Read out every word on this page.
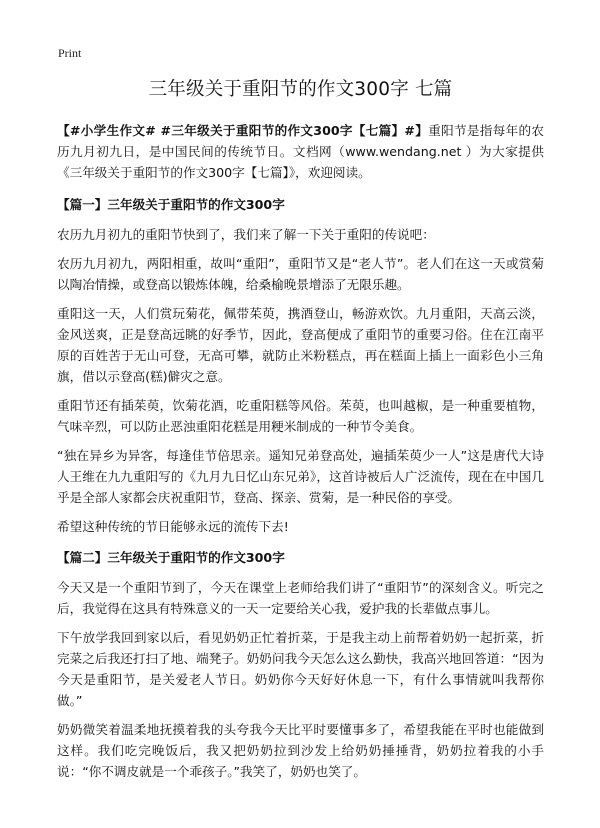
Print
三年级关于重阳节的作文300字 七篇
【#小学生作文# #三年级关于重阳节的作文300字【七篇】#】重阳节是指每年的农历九月初九日，是中国民间的传统节日。文档网（www.wendang.net ）为大家提供《三年级关于重阳节的作文300字【七篇】》，欢迎阅读。
【篇一】三年级关于重阳节的作文300字
农历九月初九的重阳节快到了，我们来了解一下关于重阳的传说吧：
农历九月初九，两阳相重，故叫“重阳”，重阳节又是“老人节”。老人们在这一天或赏菊以陶冶情操，或登高以锻炼体魄，给桑榆晚景增添了无限乐趣。
重阳这一天，人们赏玩菊花，佩带茱萸，携酒登山，畅游欢饮。九月重阳，天高云淡，金风送爽，正是登高远眺的好季节，因此，登高便成了重阳节的重要习俗。住在江南平原的百姓苦于无山可登，无高可攀，就防止米粉糕点，再在糕面上插上一面彩色小三角旗，借以示登高(糕)僻灾之意。
重阳节还有插茱萸，饮菊花酒，吃重阳糕等风俗。茱萸，也叫越椒，是一种重要植物，气味辛烈，可以防止恶浊重阳花糕是用粳米制成的一种节令美食。
“独在异乡为异客，每逢佳节倍思亲。遥知兄弟登高处，遍插茱萸少一人”这是唐代大诗人王维在九九重阳写的《九月九日忆山东兄弟》，这首诗被后人广泛流传，现在在中国几乎是全部人家都会庆祝重阳节，登高、探亲、赏菊，是一种民俗的享受。
希望这种传统的节日能够永远的流传下去!
【篇二】三年级关于重阳节的作文300字
今天又是一个重阳节到了，今天在课堂上老师给我们讲了“重阳节”的深刻含义。听完之后，我觉得在这具有特殊意义的一天一定要给关心我，爱护我的长辈做点事儿。
下午放学我回到家以后，看见奶奶正忙着折菜，于是我主动上前帮着奶奶一起折菜，折完菜之后我还打扫了地、端凳子。奶奶问我今天怎么这么勤快，我高兴地回答道：“因为今天是重阳节，是关爱老人节日。奶奶你今天好好休息一下，有什么事情就叫我帮你做。”
奶奶微笑着温柔地抚摸着我的头夸我今天比平时要懂事多了，希望我能在平时也能做到这样。我们吃完晚饭后，我又把奶奶拉到沙发上给奶奶捶捶背，奶奶拉着我的小手说：“你不调皮就是一个乖孩子。”我笑了，奶奶也笑了。
